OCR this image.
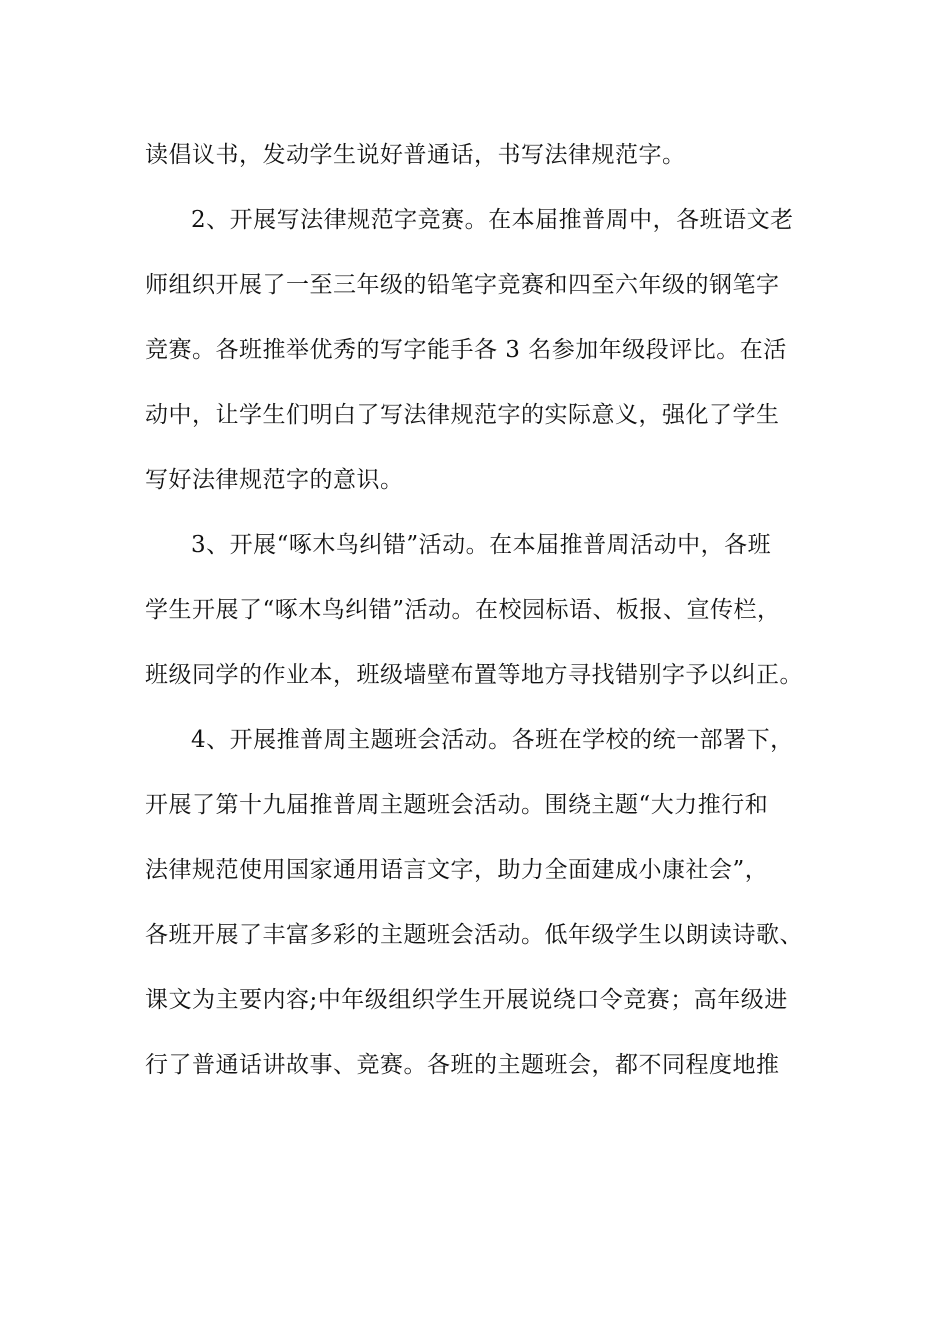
读倡议书，发动学生说好普通话，书写法律规范字。
2、开展写法律规范字竞赛。在本届推普周中，各班语文老
师组织开展了一至三年级的铅笔字竞赛和四至六年级的钢笔字
竞赛。各班推举优秀的写字能手各 3 名参加年级段评比。在活
动中，让学生们明白了写法律规范字的实际意义，强化了学生
写好法律规范字的意识。
3、开展“啄木鸟纠错”活动。在本届推普周活动中，各班
学生开展了“啄木鸟纠错”活动。在校园标语、板报、宣传栏，
班级同学的作业本，班级墙壁布置等地方寻找错别字予以纠正。
4、开展推普周主题班会活动。各班在学校的统一部署下，
开展了第十九届推普周主题班会活动。围绕主题“大力推行和
法律规范使用国家通用语言文字，助力全面建成小康社会”，
各班开展了丰富多彩的主题班会活动。低年级学生以朗读诗歌、
课文为主要内容;中年级组织学生开展说绕口令竞赛；高年级进
行了普通话讲故事、竞赛。各班的主题班会，都不同程度地推
